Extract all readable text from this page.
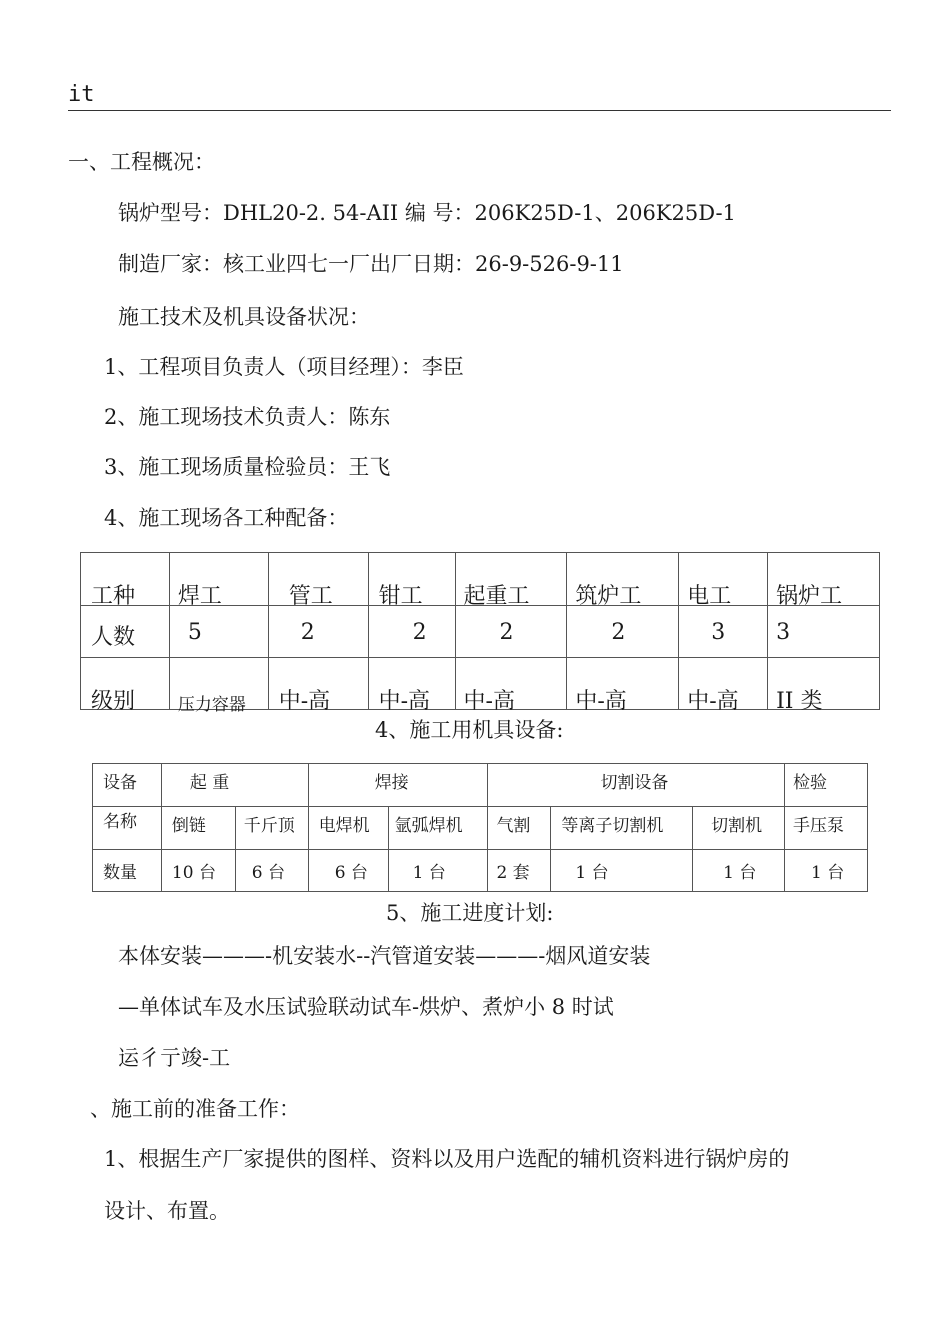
it
一、工程概况：
锅炉型号：DHL20-2. 54-AII 编 号：206K25D-1、206K25D-1
制造厂家：核工业四七一厂出厂日期：26-9-526-9-11
施工技术及机具设备状况：
1、工程项目负责人（项目经理）：李臣
2、施工现场技术负责人：陈东
3、施工现场质量检验员：王飞
4、施工现场各工种配备：
工种	焊工	管工	钳工	起重工	筑炉工	电工	锅炉工

人数	5	2	2	2	2	3	3

级别	压力容器	中-高	中-高	中-高	中-高	中-高	II 类
4、施工用机具设备:
设备	起 重		焊接		切割设备			检验

名称	倒链	千斤顶	电焊机	氩弧焊机	气割	等离子切割机	切割机	手压泵

数量	10 台	6 台	6 台	1 台	2 套	1 台	1 台	1 台
5、施工进度计划:
本体安装———-机安装水--汽管道安装———-烟风道安装
—单体试车及水压试验联动试车-烘炉、煮炉小 8 时试
运彳亍竣-工
、施工前的准备工作：
1、根据生产厂家提供的图样、资料以及用户选配的辅机资料进行锅炉房的
设计、布置。
